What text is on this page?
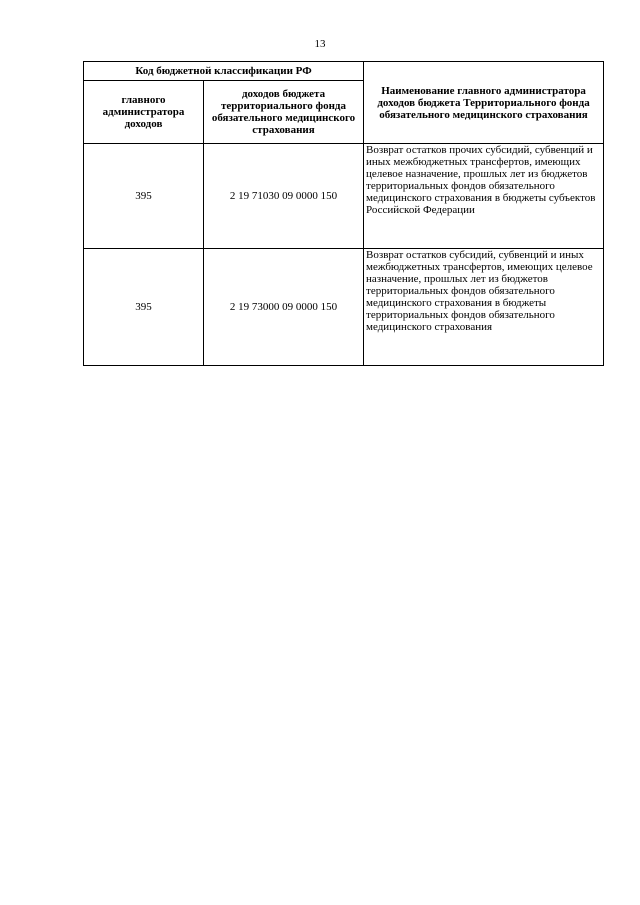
13
Код бюджетной классификации РФ		Наименование главного администратора доходов бюджета Территориального фонда обязательного медицинского страхования
главного администратора доходов	доходов бюджета территориального фонда обязательного медицинского страхования	
395	2 19 71030 09 0000 150	Возврат остатков прочих субсидий, субвенций и иных межбюджетных трансфертов, имеющих целевое назначение, прошлых лет из бюджетов территориальных фондов обязательного медицинского страхования в бюджеты субъектов Российской Федерации
395	2 19 73000 09 0000 150	Возврат остатков субсидий, субвенций и иных межбюджетных трансфертов, имеющих целевое назначение, прошлых лет из бюджетов территориальных фондов обязательного медицинского страхования в бюджеты территориальных фондов обязательного медицинского страхования
